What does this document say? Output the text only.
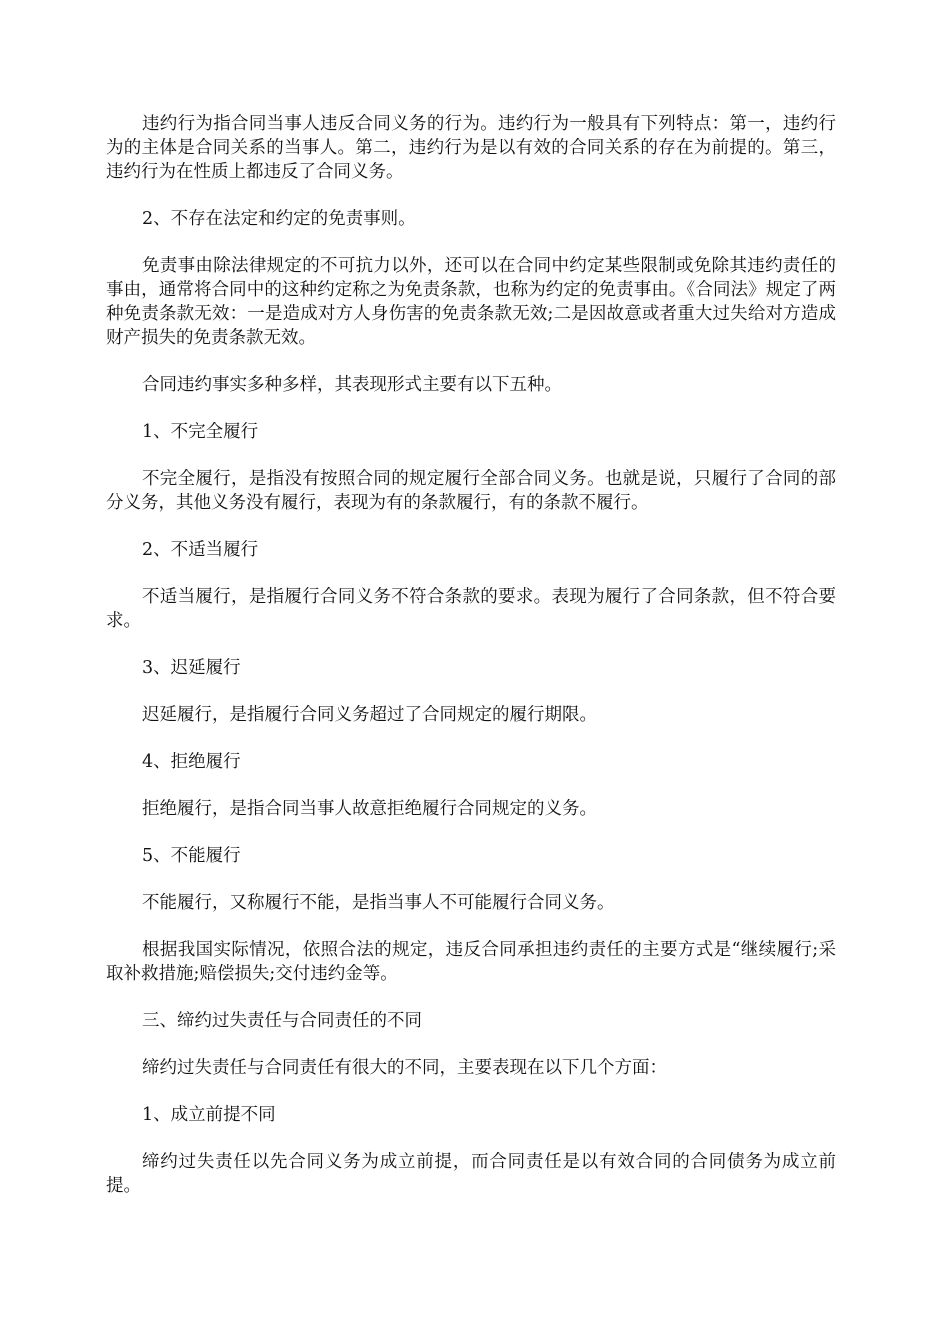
违约行为指合同当事人违反合同义务的行为。违约行为一般具有下列特点：第一，违约行为的主体是合同关系的当事人。第二，违约行为是以有效的合同关系的存在为前提的。第三，违约行为在性质上都违反了合同义务。

2、不存在法定和约定的免责事则。

免责事由除法律规定的不可抗力以外，还可以在合同中约定某些限制或免除其违约责任的事由，通常将合同中的这种约定称之为免责条款，也称为约定的免责事由。《合同法》规定了两种免责条款无效：一是造成对方人身伤害的免责条款无效;二是因故意或者重大过失给对方造成财产损失的免责条款无效。

合同违约事实多种多样，其表现形式主要有以下五种。

1、不完全履行

不完全履行，是指没有按照合同的规定履行全部合同义务。也就是说，只履行了合同的部分义务，其他义务没有履行，表现为有的条款履行，有的条款不履行。

2、不适当履行

不适当履行，是指履行合同义务不符合条款的要求。表现为履行了合同条款，但不符合要求。

3、迟延履行

迟延履行，是指履行合同义务超过了合同规定的履行期限。

4、拒绝履行

拒绝履行，是指合同当事人故意拒绝履行合同规定的义务。

5、不能履行

不能履行，又称履行不能，是指当事人不可能履行合同义务。

根据我国实际情况，依照合法的规定，违反合同承担违约责任的主要方式是“继续履行;采取补救措施;赔偿损失;交付违约金等。

三、缔约过失责任与合同责任的不同

缔约过失责任与合同责任有很大的不同，主要表现在以下几个方面：

1、成立前提不同

缔约过失责任以先合同义务为成立前提，而合同责任是以有效合同的合同债务为成立前提。
